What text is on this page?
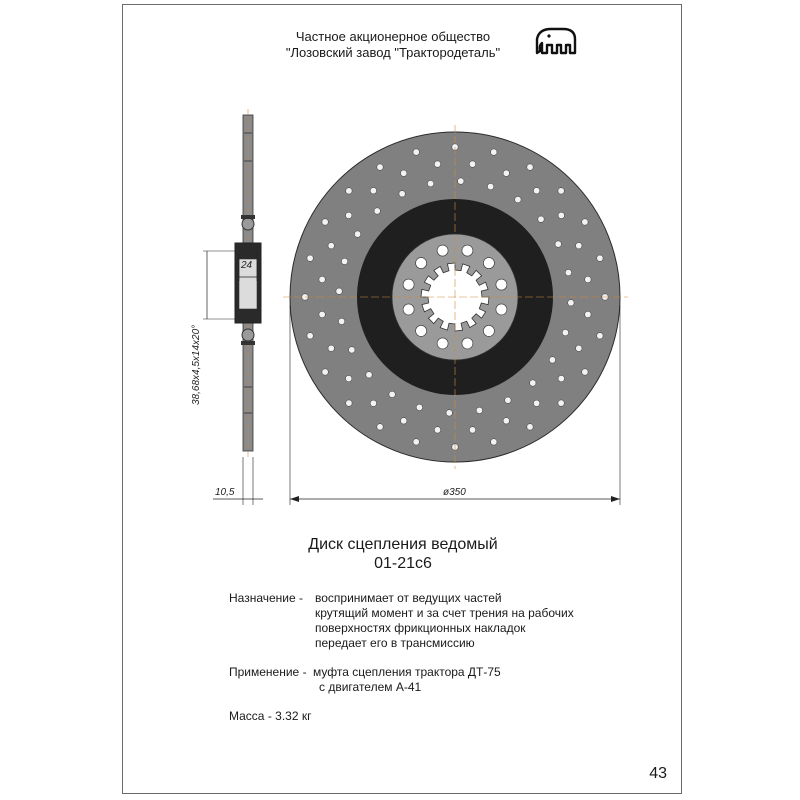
Частное акционерное общество
"Лозовский завод "Трактородеталь"
24
38,68x4,5x14x20°
10,5	ø350
Диск сцепления ведомый
01-21с6
Назначение - воспринимает от ведущих частей
крутящий момент и за счет трения на рабочих
поверхностях фрикционных накладок
передает его в трансмиссию
Применение - муфта сцепления трактора ДТ-75
с двигателем А-41
Масса - 3.32 кг
43
